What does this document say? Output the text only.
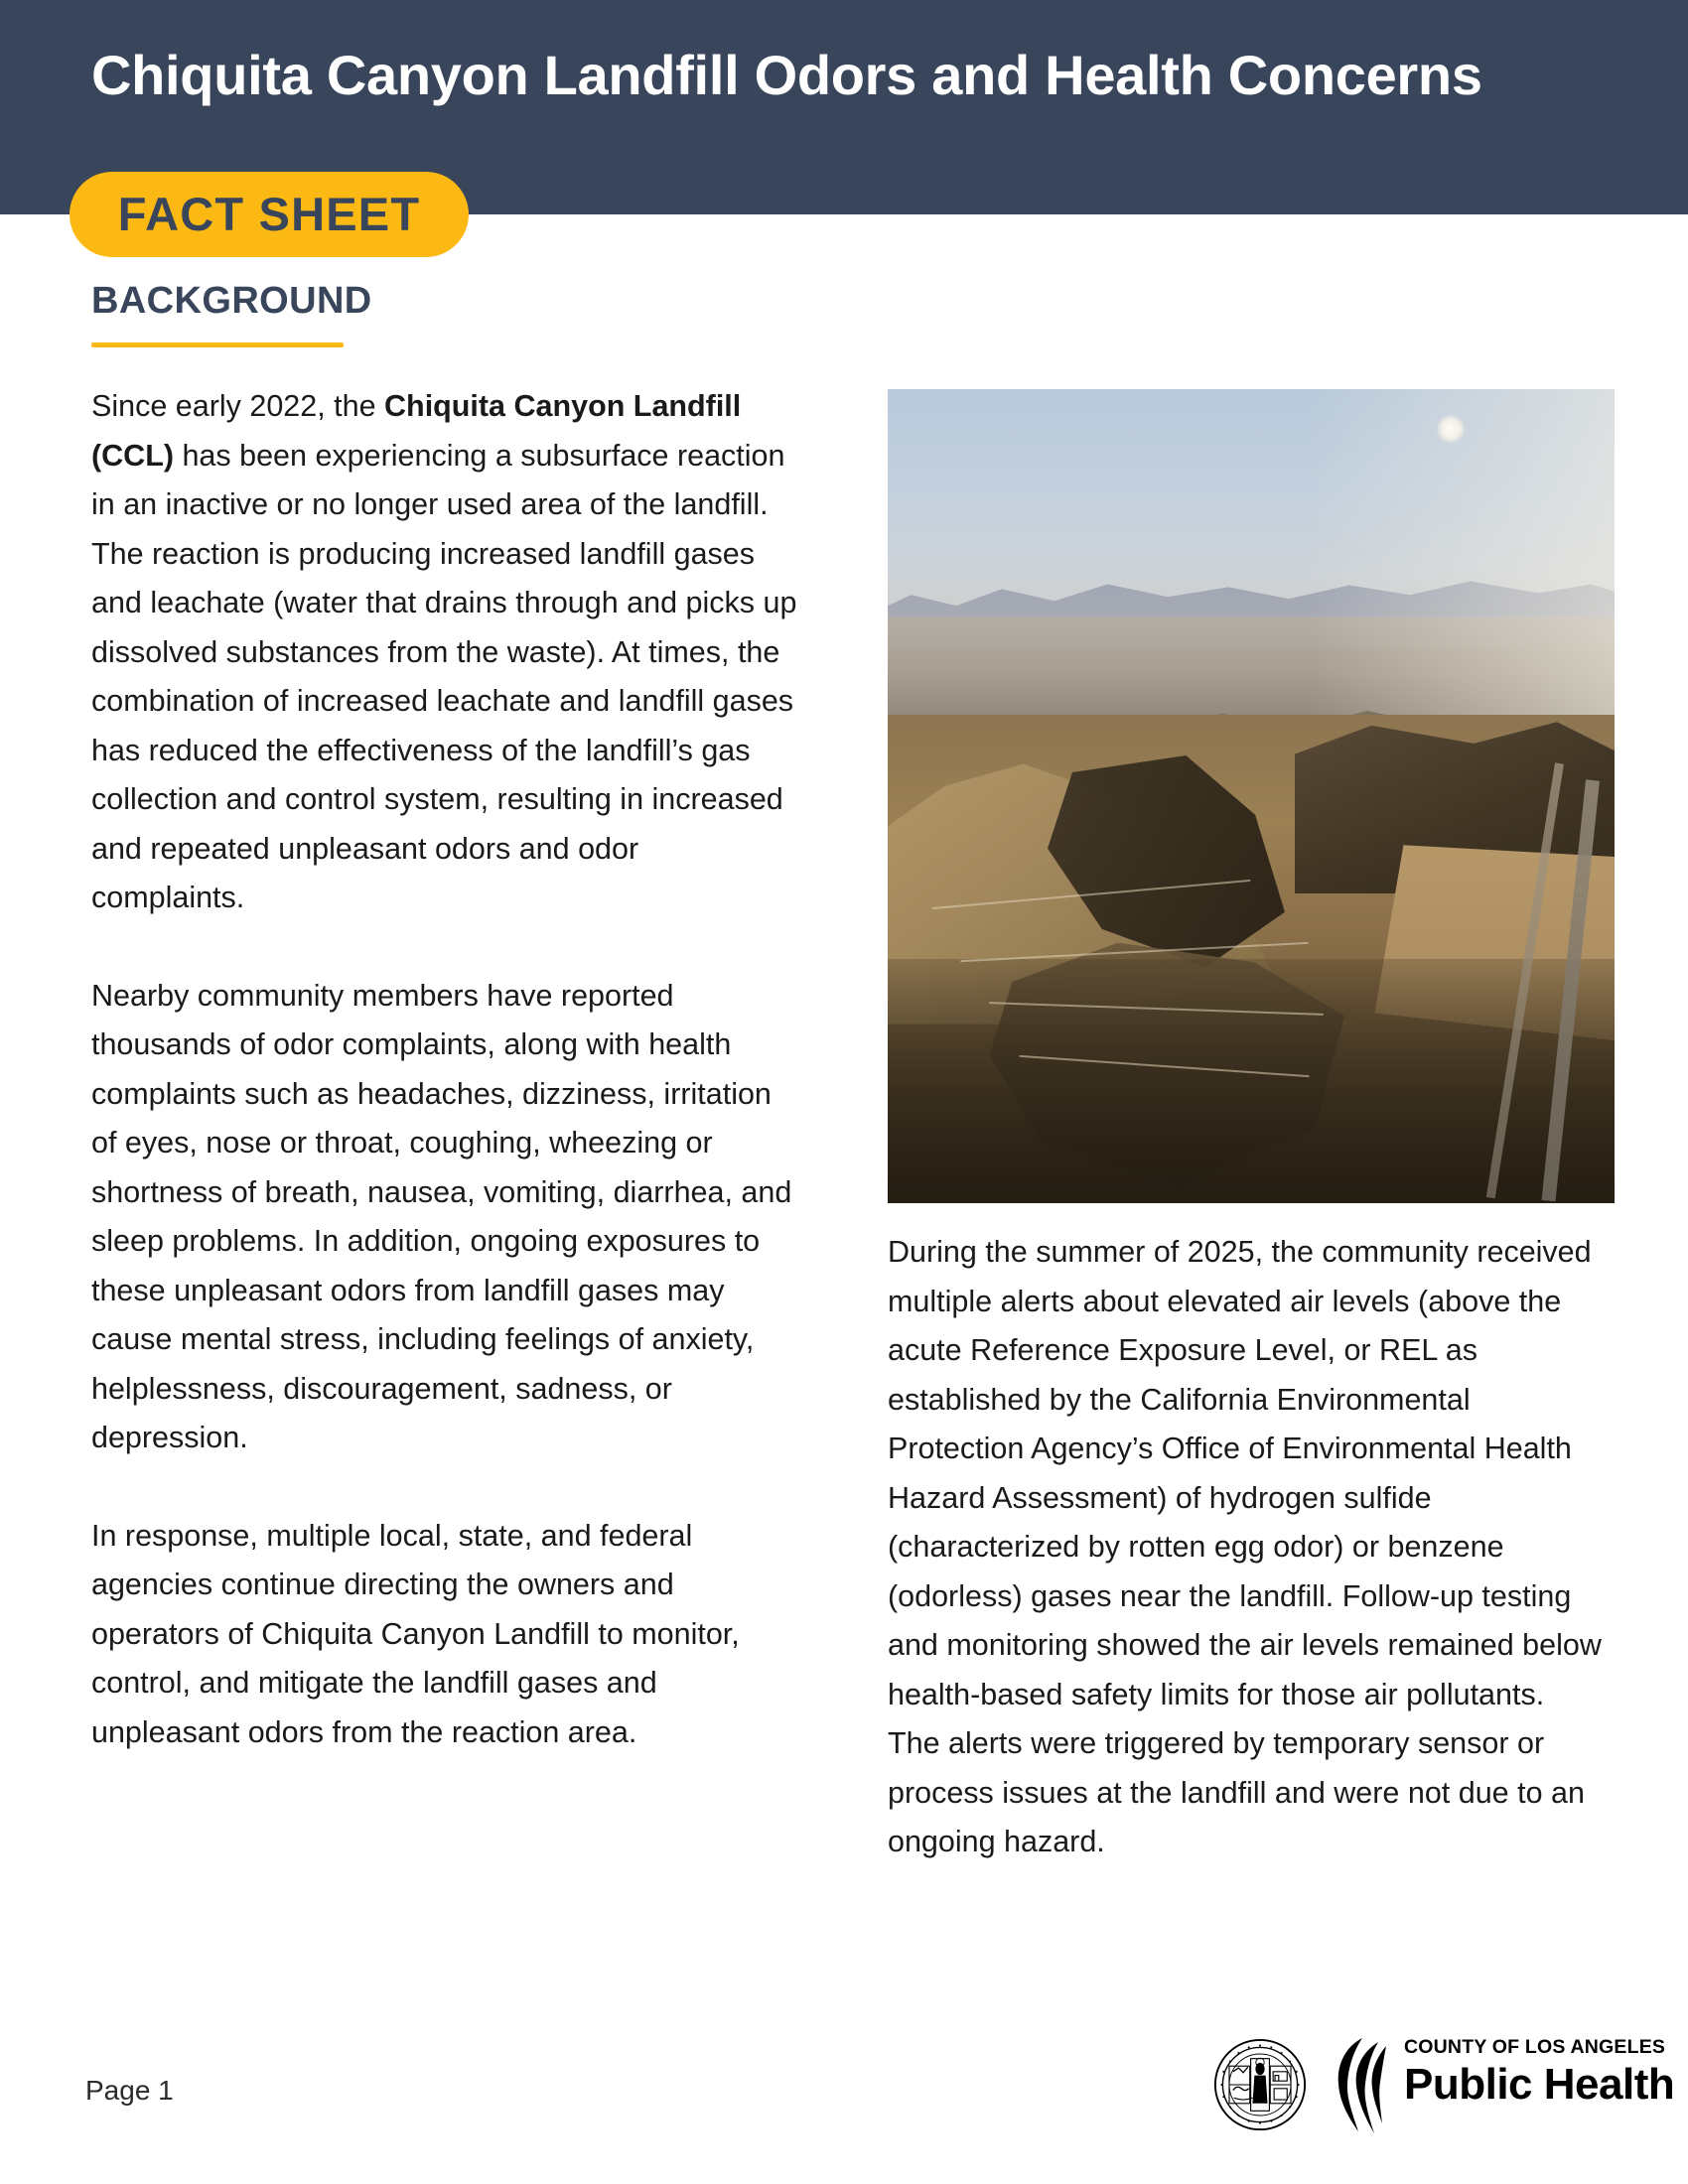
Chiquita Canyon Landfill Odors and Health Concerns
FACT SHEET
BACKGROUND

Since early 2022, the Chiquita Canyon Landfill (CCL) has been experiencing a subsurface reaction in an inactive or no longer used area of the landfill. The reaction is producing increased landfill gases and leachate (water that drains through and picks up dissolved substances from the waste). At times, the combination of increased leachate and landfill gases has reduced the effectiveness of the landfill’s gas collection and control system, resulting in increased and repeated unpleasant odors and odor complaints.

Nearby community members have reported thousands of odor complaints, along with health complaints such as headaches, dizziness, irritation of eyes, nose or throat, coughing, wheezing or shortness of breath, nausea, vomiting, diarrhea, and sleep problems. In addition, ongoing exposures to these unpleasant odors from landfill gases may cause mental stress, including feelings of anxiety, helplessness, discouragement, sadness, or depression.

In response, multiple local, state, and federal agencies continue directing the owners and operators of Chiquita Canyon Landfill to monitor, control, and mitigate the landfill gases and unpleasant odors from the reaction area.

During the summer of 2025, the community received multiple alerts about elevated air levels (above the acute Reference Exposure Level, or REL as established by the California Environmental Protection Agency’s Office of Environmental Health Hazard Assessment) of hydrogen sulfide (characterized by rotten egg odor) or benzene (odorless) gases near the landfill. Follow-up testing and monitoring showed the air levels remained below health-based safety limits for those air pollutants. The alerts were triggered by temporary sensor or process issues at the landfill and were not due to an ongoing hazard.

Page 1
COUNTY OF LOS ANGELES
Public Health
